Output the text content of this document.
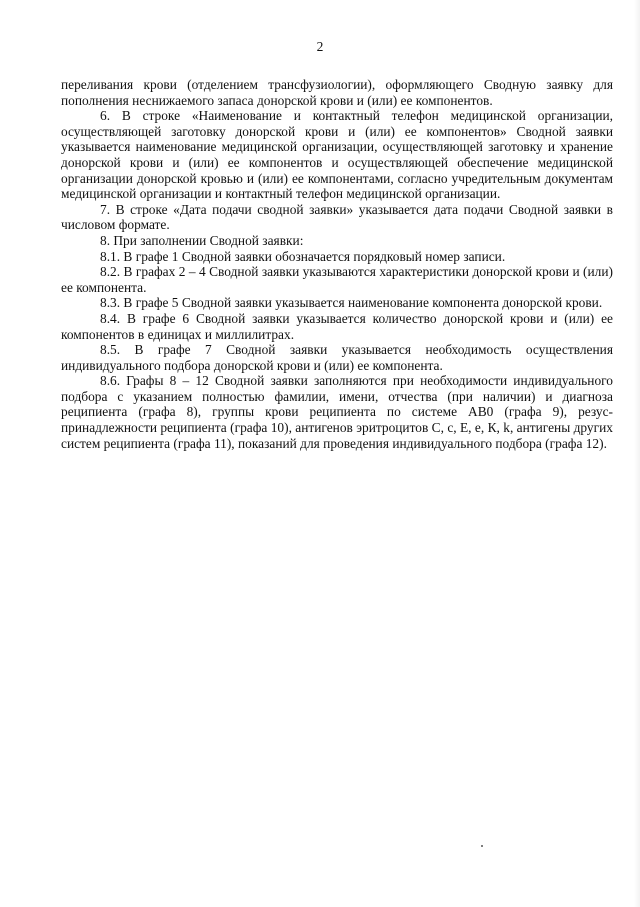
2

переливания крови (отделением трансфузиологии), оформляющего Сводную заявку для пополнения неснижаемого запаса донорской крови и (или) ее компонентов.

6. В строке «Наименование и контактный телефон медицинской организации, осуществляющей заготовку донорской крови и (или) ее компонентов» Сводной заявки указывается наименование медицинской организации, осуществляющей заготовку и хранение донорской крови и (или) ее компонентов и осуществляющей обеспечение медицинской организации донорской кровью и (или) ее компонентами, согласно учредительным документам медицинской организации и контактный телефон медицинской организации.

7. В строке «Дата подачи сводной заявки» указывается дата подачи Сводной заявки в числовом формате.

8. При заполнении Сводной заявки:

8.1. В графе 1 Сводной заявки обозначается порядковый номер записи.

8.2. В графах 2 – 4 Сводной заявки указываются характеристики донорской крови и (или) ее компонента.

8.3. В графе 5 Сводной заявки указывается наименование компонента донорской крови.

8.4. В графе 6 Сводной заявки указывается количество донорской крови и (или) ее компонентов в единицах и миллилитрах.

8.5. В графе 7 Сводной заявки указывается необходимость осуществления индивидуального подбора донорской крови и (или) ее компонента.

8.6. Графы 8 – 12 Сводной заявки заполняются при необходимости индивидуального подбора с указанием полностью фамилии, имени, отчества (при наличии) и диагноза реципиента (графа 8), группы крови реципиента по системе АВ0 (графа 9), резус-принадлежности реципиента (графа 10), антигенов эритроцитов С, с, Е, е, К, k, антигены других систем реципиента (графа 11), показаний для проведения индивидуального подбора (графа 12).
